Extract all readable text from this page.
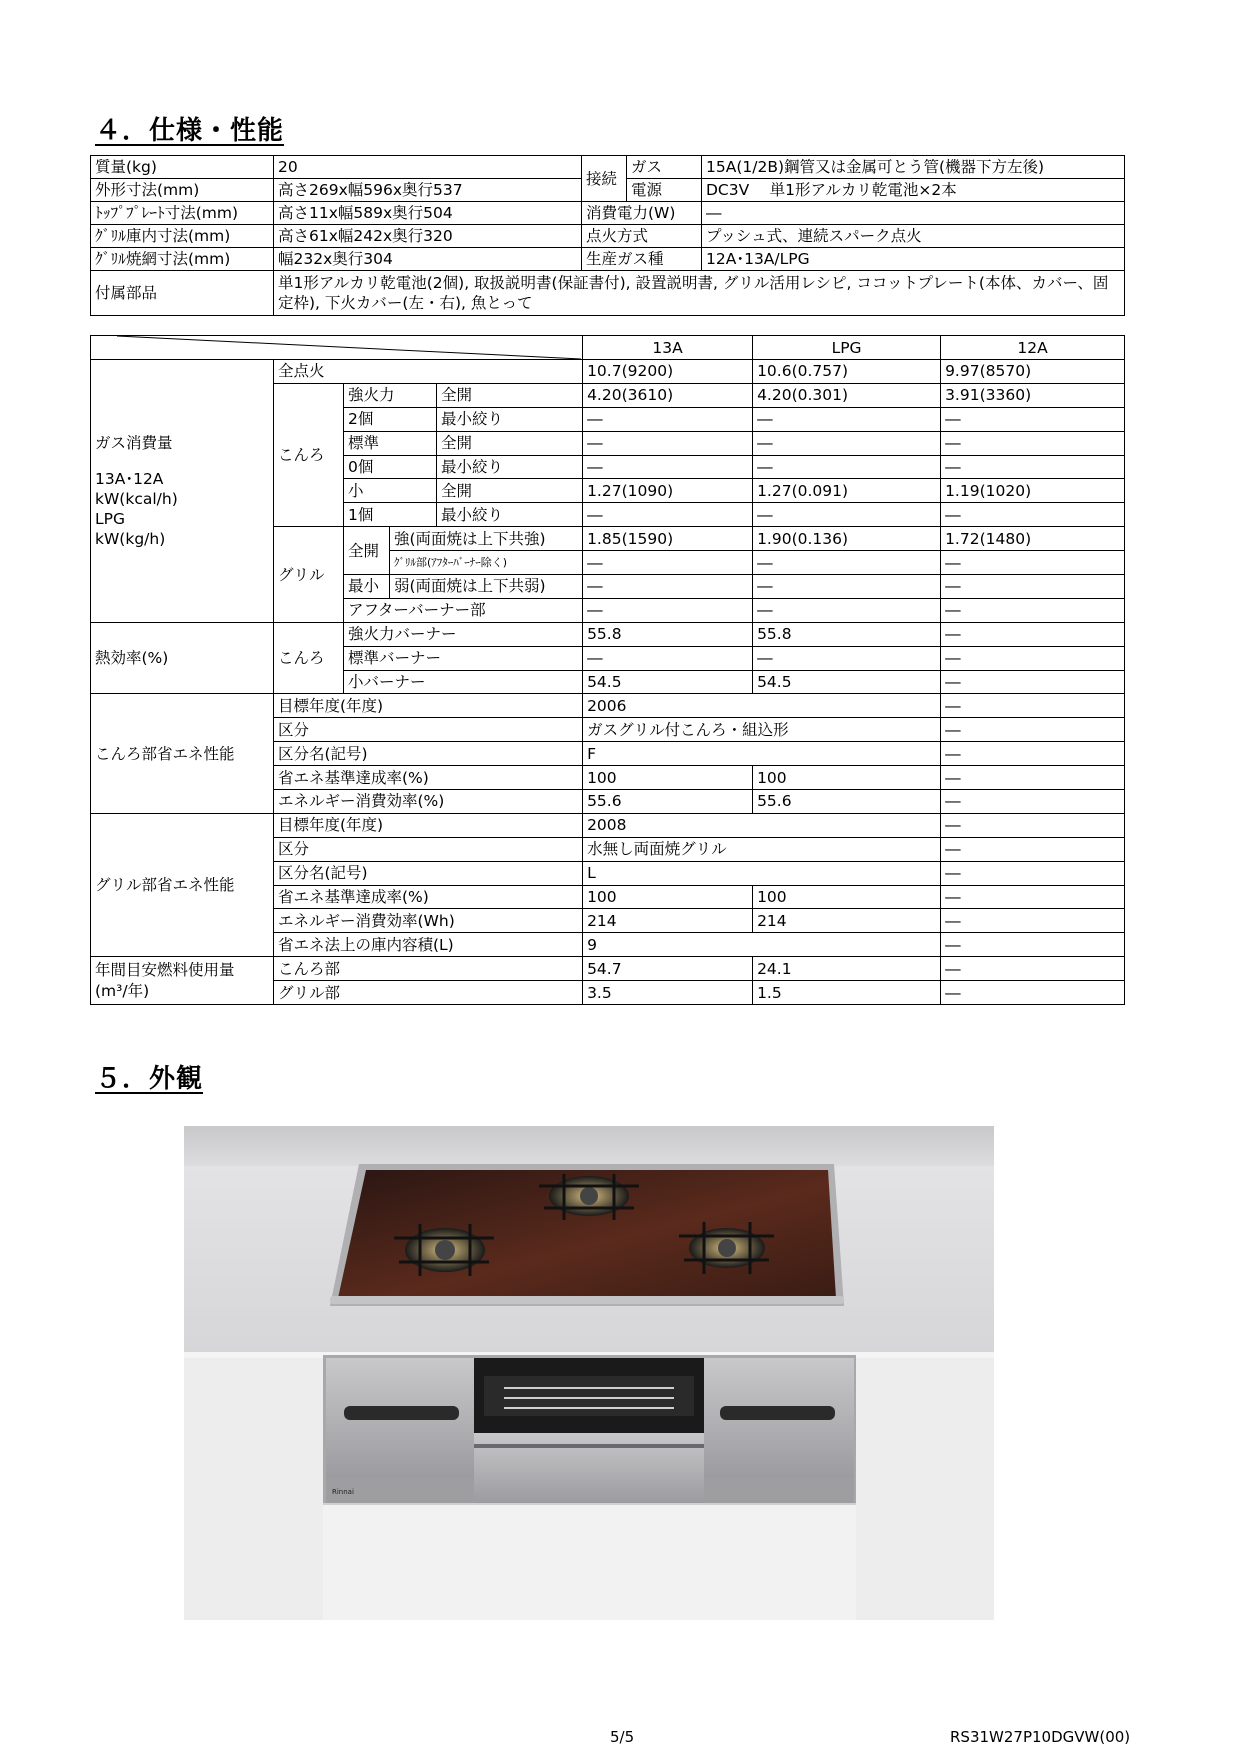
４．仕様・性能
質量(kg)	20	接続	ガス	15A(1/2B)鋼管又は金属可とう管(機器下方左後)
外形寸法(mm)	高さ269x幅596x奥行537		電源	DC3V　 単1形アルカリ乾電池×2本
ﾄｯﾌﾟﾌﾟﾚｰﾄ寸法(mm)	高さ11x幅589x奥行504	消費電力(W)		―
ｸﾞﾘﾙ庫内寸法(mm)	高さ61x幅242x奥行320	点火方式		プッシュ式、連続スパーク点火
ｸﾞﾘﾙ焼網寸法(mm)	幅232x奥行304	生産ガス種		12A･13A/LPG
付属部品	単1形アルカリ乾電池(2個), 取扱説明書(保証書付), 設置説明書, グリル活用レシピ, ココットプレート(本体、カバー、固定枠), 下火カバー(左・右), 魚とって			
	13A	LPG	12A

ガス消費量
13A･12A
kW(kcal/h)
LPG
kW(kg/h)	全点火				10.7(9200)	10.6(0.757)	9.97(8570)
	こんろ	強火力		全開	4.20(3610)	4.20(0.301)	3.91(3360)
		2個		最小絞り	―	―	―
		標準		全開	―	―	―
		0個		最小絞り	―	―	―
		小		全開	1.27(1090)	1.27(0.091)	1.19(1020)
		1個		最小絞り	―	―	―
	グリル	全開	強(両面焼は上下共強)		1.85(1590)	1.90(0.136)	1.72(1480)
			ｸﾞﾘﾙ部(ｱﾌﾀｰﾊﾞｰﾅｰ除く)		―	―	―
		最小	弱(両面焼は上下共弱)		―	―	―
		アフターバーナー部			―	―	―
熱効率(%)	こんろ	強火力バーナー			55.8	55.8	―
		標準バーナー			―	―	―
		小バーナー			54.5	54.5	―
こんろ部省エネ性能	目標年度(年度)				2006		―
	区分				ガスグリル付こんろ・組込形		―
	区分名(記号)				F		―
	省エネ基準達成率(%)				100	100	―
	エネルギー消費効率(%)				55.6	55.6	―
グリル部省エネ性能	目標年度(年度)				2008		―
	区分				水無し両面焼グリル		―
	区分名(記号)				L		―
	省エネ基準達成率(%)				100	100	―
	エネルギー消費効率(Wh)				214	214	―
	省エネ法上の庫内容積(L)				9		―

年間目安燃料使用量
(m³/年)	こんろ部				54.7	24.1	―
	グリル部				3.5	1.5	―
５．外観
Rinnai
5/5	RS31W27P10DGVW(00)
